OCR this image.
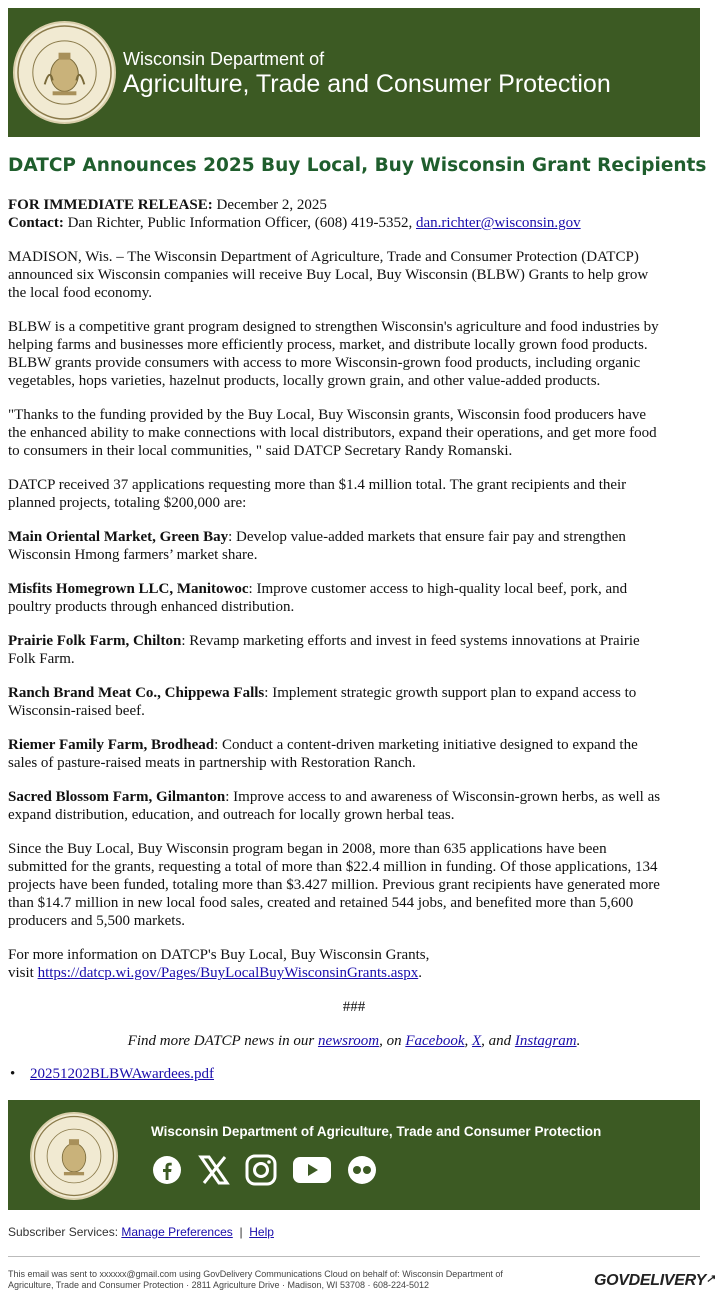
Wisconsin Department of
Agriculture, Trade and Consumer Protection
DATCP Announces 2025 Buy Local, Buy Wisconsin Grant Recipients
FOR IMMEDIATE RELEASE: December 2, 2025
Contact: Dan Richter, Public Information Officer, (608) 419-5352, dan.richter@wisconsin.gov
MADISON, Wis. – The Wisconsin Department of Agriculture, Trade and Consumer Protection (DATCP)
announced six Wisconsin companies will receive Buy Local, Buy Wisconsin (BLBW) Grants to help grow
the local food economy.
BLBW is a competitive grant program designed to strengthen Wisconsin's agriculture and food industries by
helping farms and businesses more efficiently process, market, and distribute locally grown food products.
BLBW grants provide consumers with access to more Wisconsin-grown food products, including organic
vegetables, hops varieties, hazelnut products, locally grown grain, and other value-added products.
"Thanks to the funding provided by the Buy Local, Buy Wisconsin grants, Wisconsin food producers have
the enhanced ability to make connections with local distributors, expand their operations, and get more food
to consumers in their local communities, " said DATCP Secretary Randy Romanski.
DATCP received 37 applications requesting more than $1.4 million total. The grant recipients and their
planned projects, totaling $200,000 are:
Main Oriental Market, Green Bay: Develop value-added markets that ensure fair pay and strengthen
Wisconsin Hmong farmers’ market share.
Misfits Homegrown LLC, Manitowoc: Improve customer access to high-quality local beef, pork, and
poultry products through enhanced distribution.
Prairie Folk Farm, Chilton: Revamp marketing efforts and invest in feed systems innovations at Prairie
Folk Farm.
Ranch Brand Meat Co., Chippewa Falls: Implement strategic growth support plan to expand access to
Wisconsin-raised beef.
Riemer Family Farm, Brodhead: Conduct a content-driven marketing initiative designed to expand the
sales of pasture-raised meats in partnership with Restoration Ranch.
Sacred Blossom Farm, Gilmanton: Improve access to and awareness of Wisconsin-grown herbs, as well as
expand distribution, education, and outreach for locally grown herbal teas.
Since the Buy Local, Buy Wisconsin program began in 2008, more than 635 applications have been
submitted for the grants, requesting a total of more than $22.4 million in funding. Of those applications, 134
projects have been funded, totaling more than $3.427 million. Previous grant recipients have generated more
than $14.7 million in new local food sales, created and retained 544 jobs, and benefited more than 5,600
producers and 5,500 markets.
For more information on DATCP's Buy Local, Buy Wisconsin Grants,
visit https://datcp.wi.gov/Pages/BuyLocalBuyWisconsinGrants.aspx.
###
Find more DATCP news in our newsroom, on Facebook, X, and Instagram.
• 20251202BLBWAwardees.pdf
Wisconsin Department of Agriculture, Trade and Consumer Protection
Subscriber Services: Manage Preferences  |  Help
This email was sent to xxxxxx@gmail.com using GovDelivery Communications Cloud on behalf of: Wisconsin Department of
Agriculture, Trade and Consumer Protection · 2811 Agriculture Drive · Madison, WI 53708 · 608-224-5012	GOVDELIVERY↗
